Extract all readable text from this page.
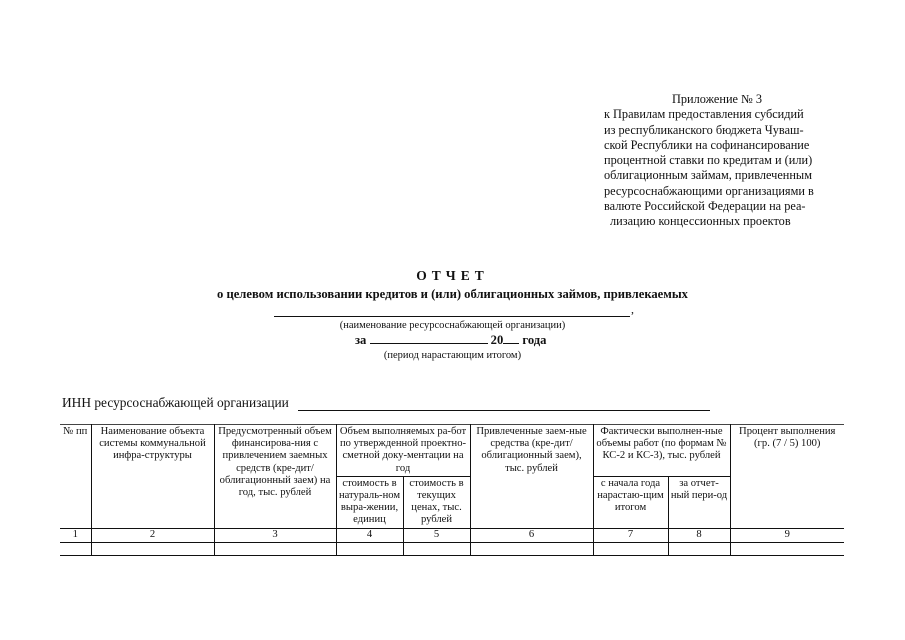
Приложение № 3
к Правилам предоставления субсидий
из республиканского бюджета Чуваш-
ской Республики на софинансирование
процентной ставки по кредитам и (или)
облигационным займам, привлеченным
ресурсоснабжающими организациями в
валюте Российской Федерации на реа-
лизацию концессионных проектов
ОТЧЕТ
о целевом использовании кредитов и (или) облигационных займов, привлекаемых
,
(наименование ресурсоснабжающей организации)
за	20 года
(период нарастающим итогом)
ИНН ресурсоснабжающей организации
№ пп	Наименование объекта системы коммунальной инфра-структуры	Предусмотренный объем финансирова-ния с привлечением заемных средств (кре-дит/облигационный заем) на год, тыс. рублей	Объем выполняемых ра-бот по утвержденной проектно-сметной доку-ментации на год		Привлеченные заем-ные средства (кре-дит/облигационный заем), тыс. рублей	Фактически выполнен-ные объемы работ (по формам № КС-2 и КС-3), тыс. рублей		Процент выполнения (гр. (7 / 5) 100)
			стоимость в натураль-ном выра-жении, единиц	стоимость в текущих ценах, тыс. рублей		с начала года нарастаю-щим итогом	за отчет-ный пери-од	
1	2	3	4	5	6	7	8	9
